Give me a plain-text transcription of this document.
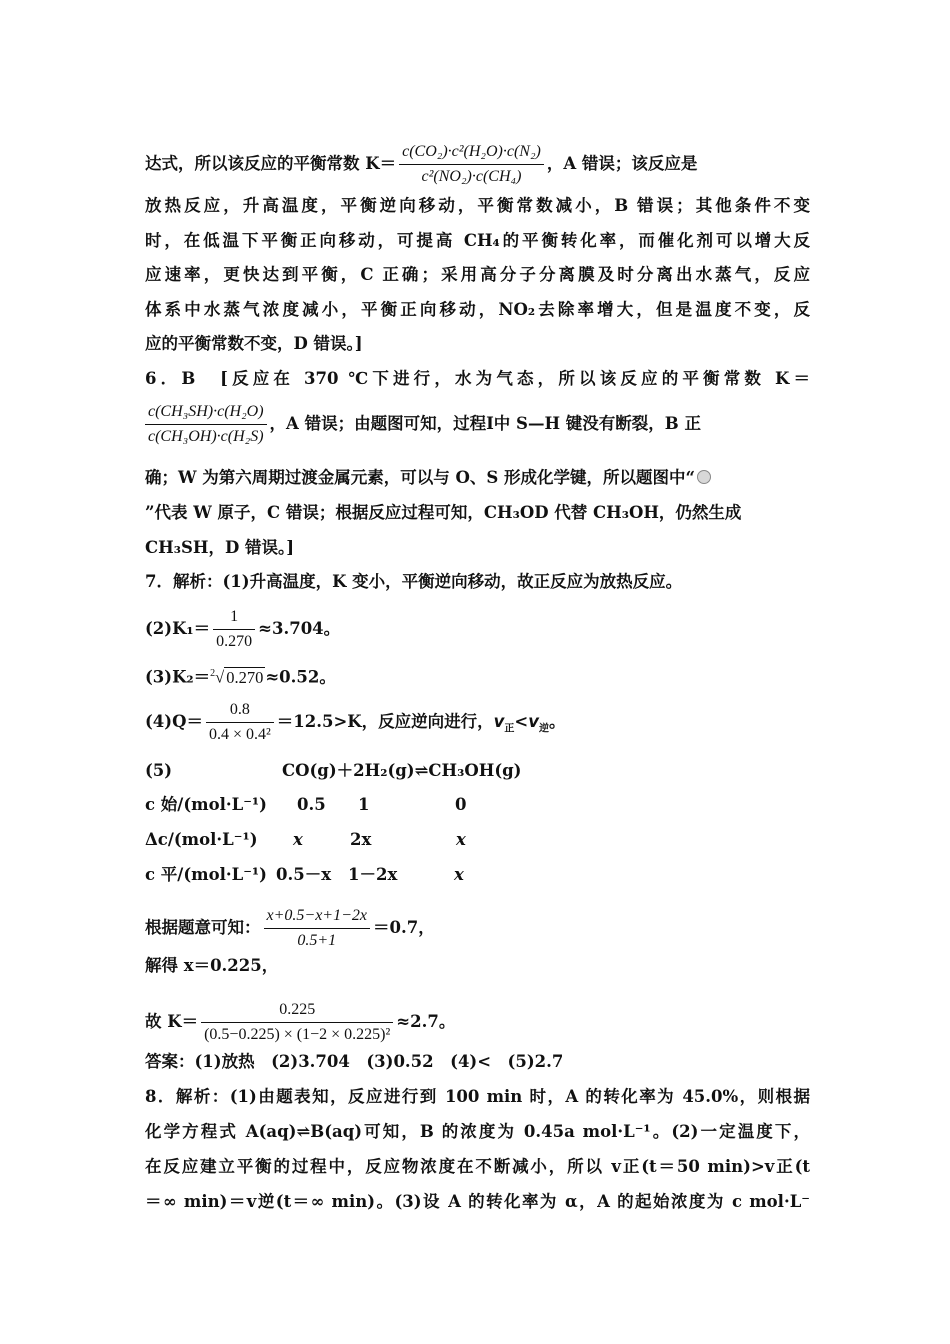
达式，所以该反应的平衡常数 $K= \frac{\text{c(CO₂)·c²(H₂O)·c(N₂)}}{\text{c²(NO₂)·c(CH₄)}}$ ，A 错误；该反应是
放热反应，升高温度，平衡逆向移动，平衡常数减小，B 错误；其他条件不变
时，在低温下平衡正向移动，可提高 CH₄的平衡转化率，而催化剂可以增大反
应速率，更快达到平衡，C 正确；采用高分子分离膜及时分离出水蒸气，反应
体系中水蒸气浓度减小，平衡正向移动，NO₂去除率增大，但是温度不变，反
应的平衡常数不变，D 错误。]
6．B　[反应在 370 ℃下进行，水为气态，所以该反应的平衡常数 K＝
$\frac{\text{c(CH₃SH)·c(H₂O)}}{\text{c(CH₃OH)·c(H₂S)}}$ ，A 错误；由题图可知，过程Ⅰ中 S—H 键没有断裂，B 正
确；W 为第六周期过渡金属元素，可以与 O、S 形成化学键，所以题图中“
”代表 W 原子，C 错误；根据反应过程可知，CH₃OD 代替 CH₃OH，仍然生成
CH₃SH，D 错误。]
7．解析：(1)升高温度，K 变小，平衡逆向移动，故正反应为放热反应。
$(2)K_1= \frac{1}{0.270} \approx 3.704$。
(3)K₂＝$^2$√ 0.270 ≈0.52。
$(4)Q= \frac{0.8}{\text{0.4 × 0.4²}} =12.5>K$，反应逆向进行，$v_正<v_逆$。
(5)	CO(g)＋2H₂(g)⇌CH₃OH(g)
c 始/(mol·L⁻¹) 0.5 1	0
Δc/(mol·L⁻¹) x	2x	x
c 平/(mol·L⁻¹) 0.5－x 1－2x	x
根据题意可知： $\frac{x+0.5-x+1-2x}{0.5+1} =0.7$，
解得 x＝0.225，
故 $K= \frac{0.225}{\text{(0.5−0.225) × (1−2 × 0.225)²}} \approx 2.7$。
答案：(1)放热　(2)3.704　(3)0.52　(4)<　(5)2.7
8．解析：(1)由题表知，反应进行到 100 min 时，A 的转化率为 45.0%，则根据
化学方程式 A(aq)⇌B(aq)可知，B 的浓度为 0.45a mol·L⁻¹。(2)一定温度下，
在反应建立平衡的过程中，反应物浓度在不断减小，所以 v正(t＝50 min)>v正(t
＝∞ min)＝v逆(t＝∞ min)。(3)设 A 的转化率为 α，A 的起始浓度为 c mol·L⁻
